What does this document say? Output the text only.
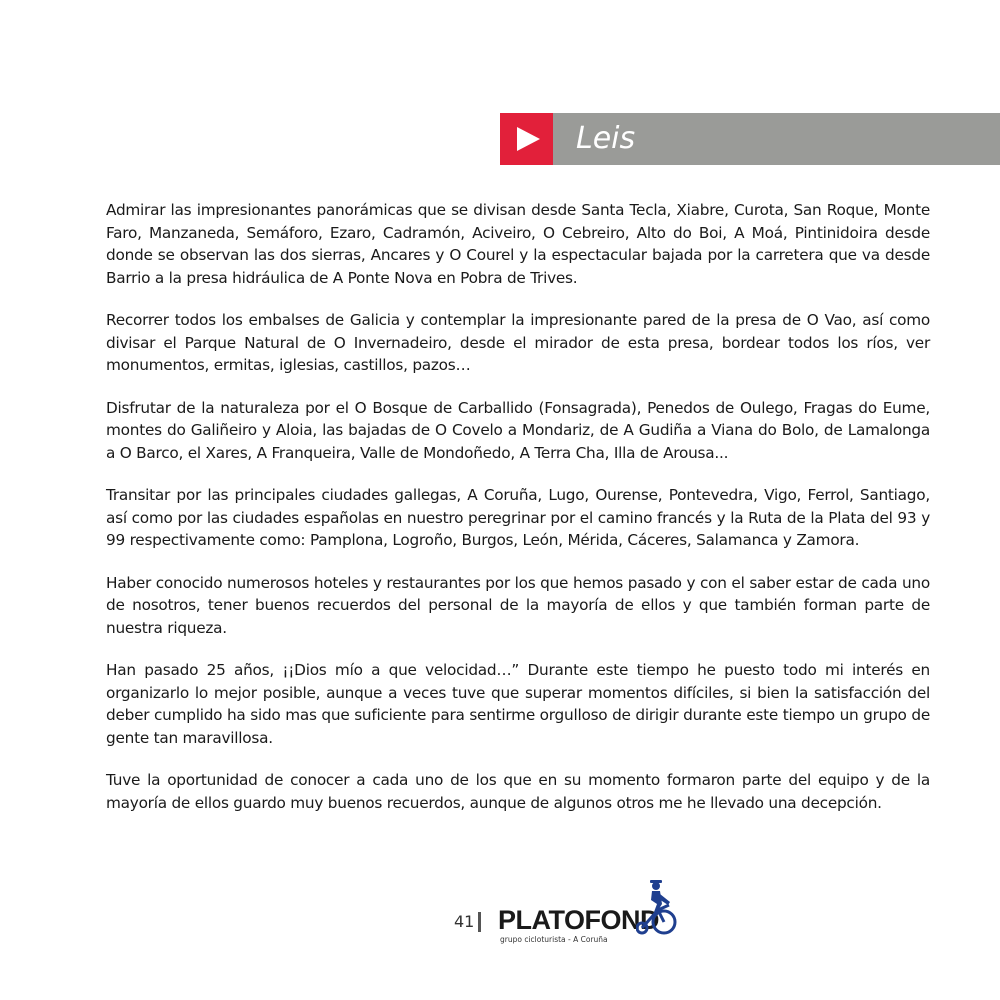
Leis

Admirar las impresionantes panorámicas que se divisan desde Santa Tecla, Xiabre, Curota, San Roque, Monte Faro, Manzaneda, Semáforo, Ezaro, Cadramón, Aciveiro, O Cebreiro, Alto do Boi, A Moá, Pintinidoira desde donde se observan las dos sierras, Ancares y O Courel y la espectacular bajada por la carretera que va desde Barrio a la presa hidráulica de A Ponte Nova en Pobra de Trives.

Recorrer todos los embalses de Galicia y contemplar la impresionante pared de la presa de O Vao, así como divisar el Parque Natural de O Invernadeiro, desde el mirador de esta presa, bordear todos los ríos, ver monumentos, ermitas, iglesias, castillos, pazos…

Disfrutar de la naturaleza por el O Bosque de Carballido (Fonsagrada), Penedos de Oulego, Fragas do Eume, montes do Galiñeiro y Aloia, las bajadas de O Covelo a Mondariz, de A Gudiña a Viana do Bolo, de Lamalonga a O Barco, el Xares, A Franqueira, Valle de Mondoñedo, A Terra Cha, Illa de Arousa...

Transitar por las principales ciudades gallegas, A Coruña, Lugo, Ourense, Pontevedra, Vigo, Ferrol, Santiago, así como por las ciudades españolas en nuestro peregrinar por el camino francés y la Ruta de la Plata del 93 y 99 respectivamente como: Pamplona, Logroño, Burgos, León, Mérida, Cáceres, Salamanca y Zamora.

Haber conocido numerosos hoteles y restaurantes por los que hemos pasado y con el saber estar de cada uno de nosotros, tener buenos recuerdos del personal de la mayoría de ellos y que también forman parte de nuestra riqueza.

Han pasado 25 años, ¡¡Dios mío a que velocidad…” Durante este tiempo he puesto todo mi interés en organizarlo lo mejor posible, aunque a veces tuve que superar momentos difíciles, si bien la satisfacción del deber cumplido ha sido mas que suficiente para sentirme orgulloso de dirigir durante este tiempo un grupo de gente tan maravillosa.

Tuve la oportunidad de conocer a cada uno de los que en su momento formaron parte del equipo y de la mayoría de ellos guardo muy buenos recuerdos, aunque de algunos otros me he llevado una decepción.

41 PLATOFOND
grupo cicloturista - A Coruña
